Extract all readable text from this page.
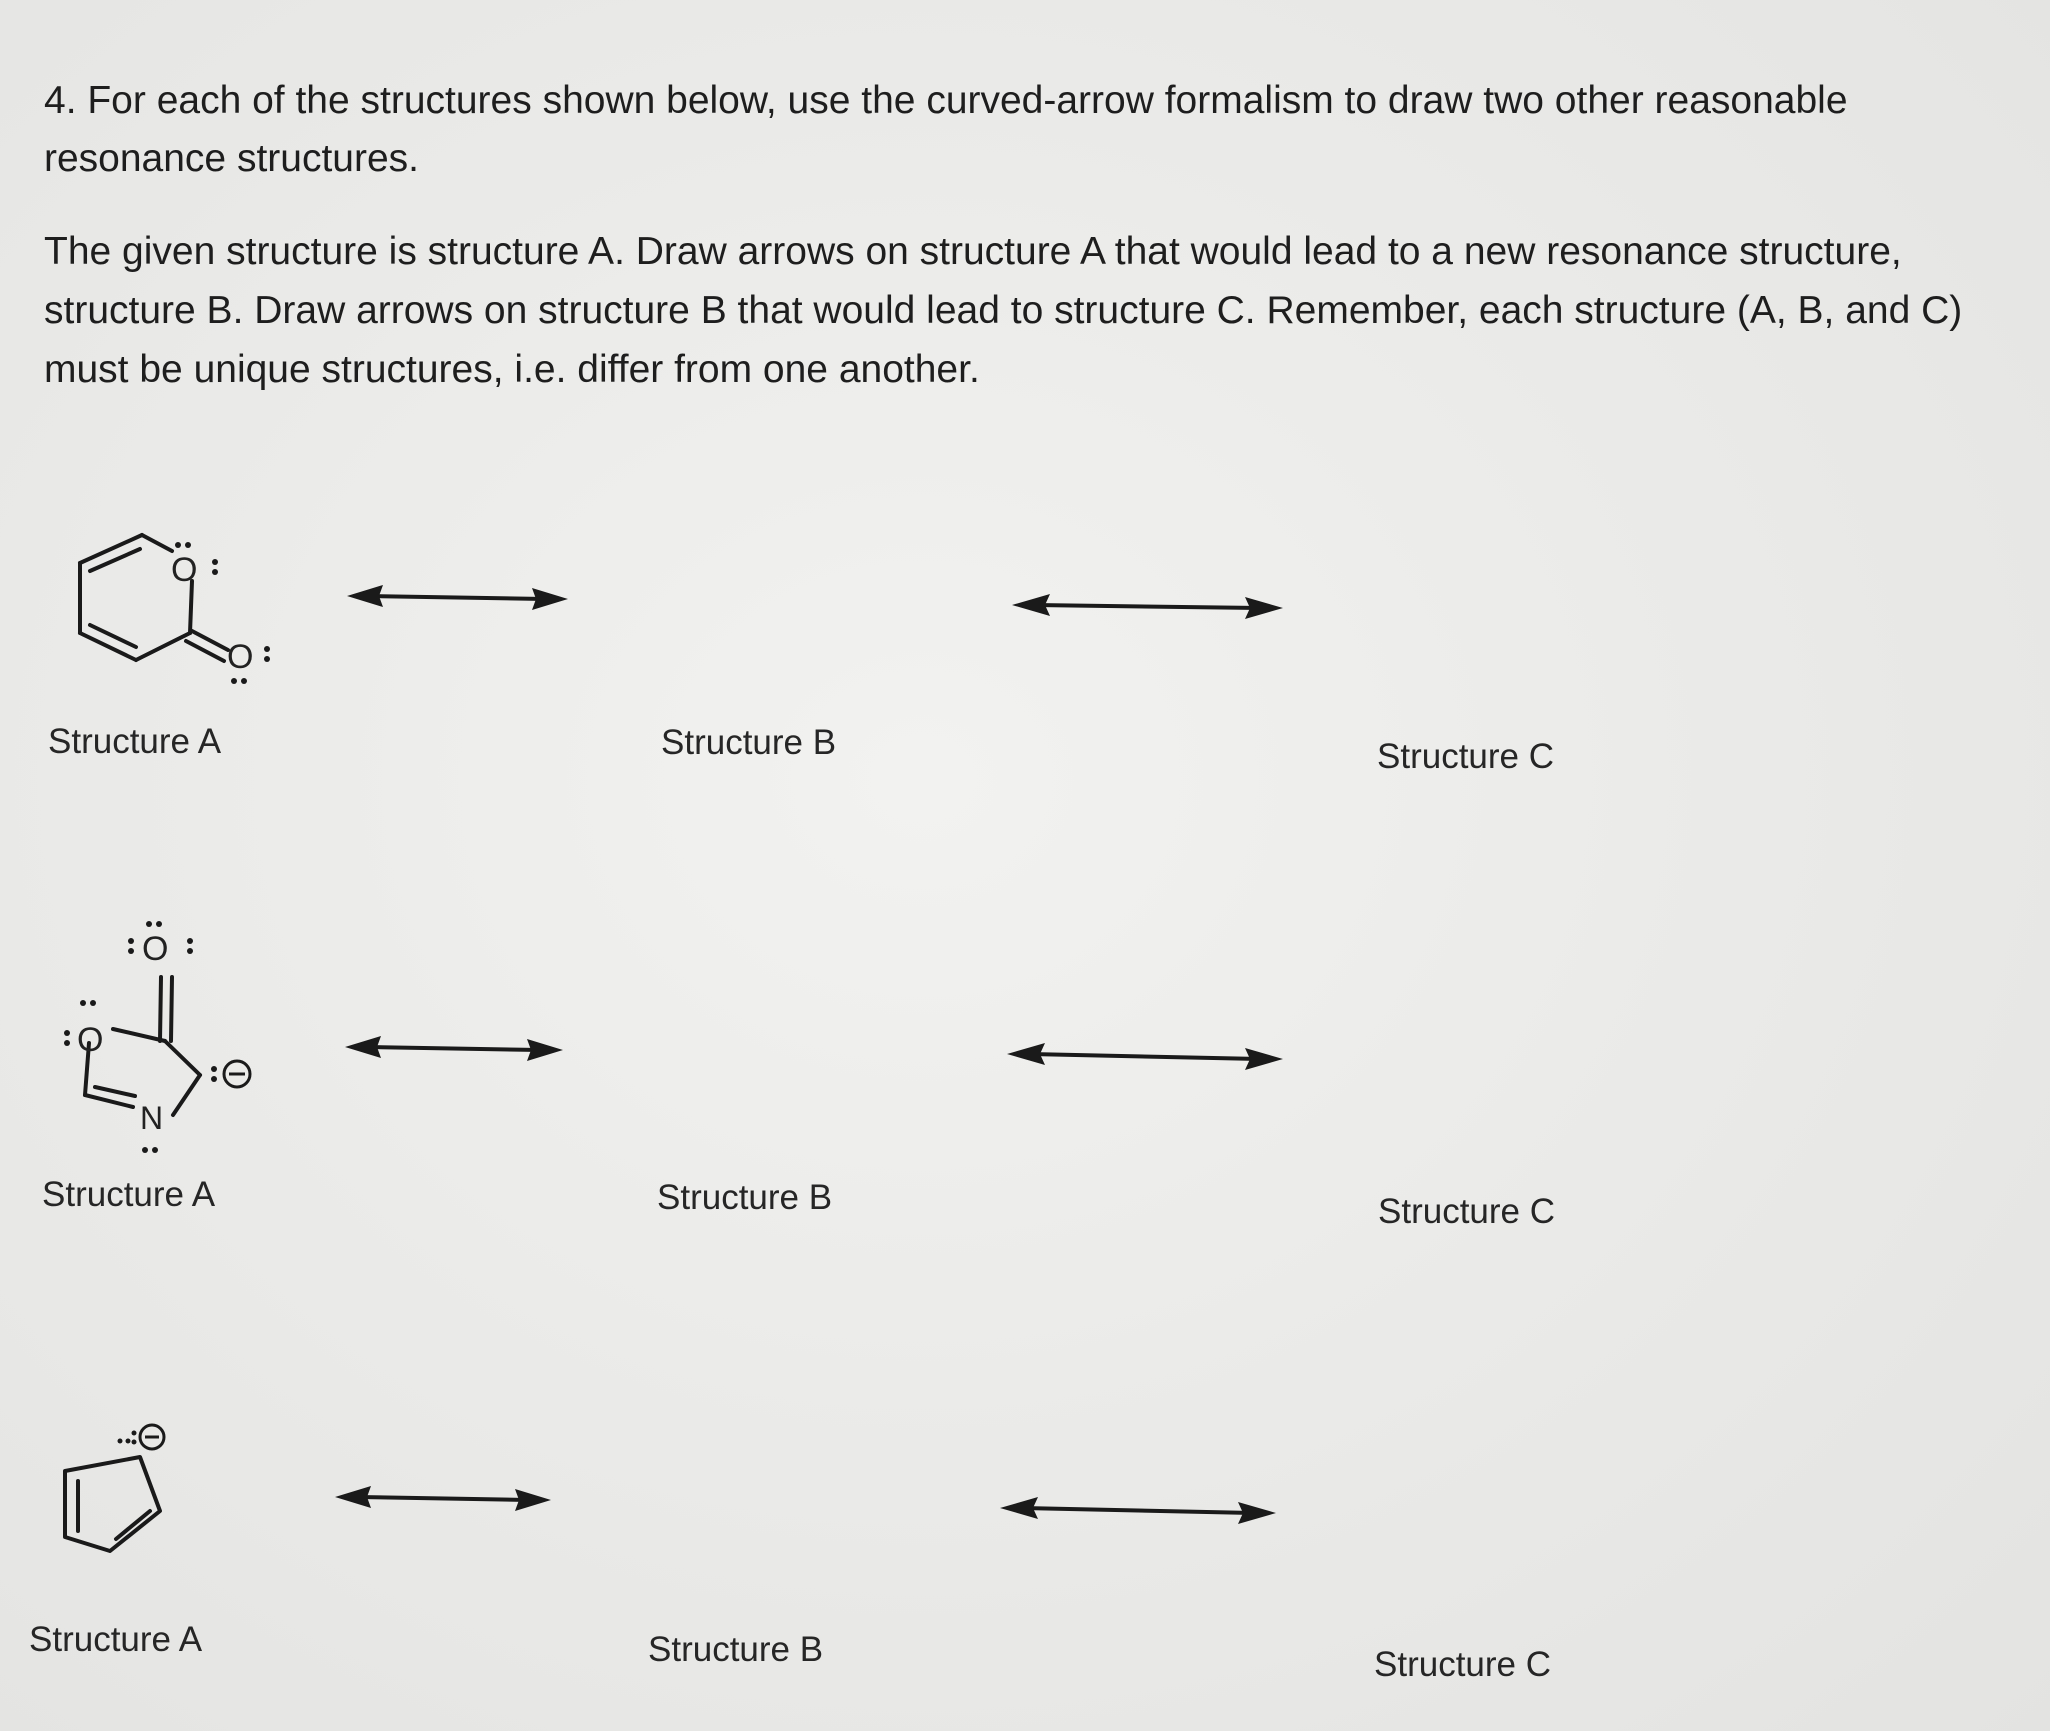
4. For each of the structures shown below, use the curved-arrow formalism to draw two other reasonable resonance structures.

The given structure is structure A. Draw arrows on structure A that would lead to a new resonance structure, structure B. Draw arrows on structure B that would lead to structure C. Remember, each structure (A, B, and C) must be unique structures, i.e. differ from one another.

O
O
Structure A	Structure B	Structure C
O
O
N
Structure A	Structure B	Structure C
Structure A	Structure B	Structure C
